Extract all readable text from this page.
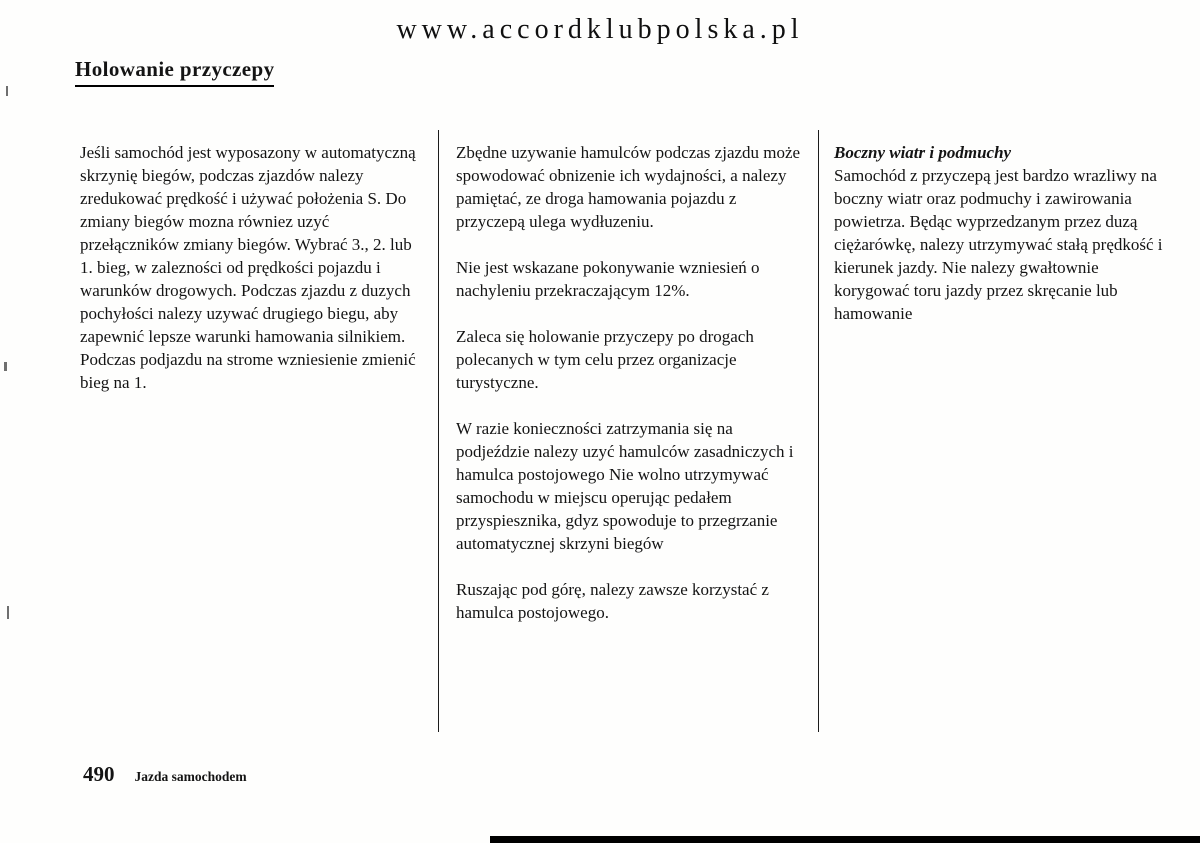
www.accordklubpolska.pl
Holowanie przyczepy

Jeśli samochód jest wyposazony w automatyczną skrzynię biegów, podczas zjazdów nalezy zredukować prędkość i używać położenia S. Do zmiany biegów mozna równiez uzyć przełączników zmiany biegów. Wybrać 3., 2. lub 1. bieg, w zalezności od prędkości pojazdu i warunków drogowych. Podczas zjazdu z duzych pochyłości nalezy uzywać drugiego biegu, aby zapewnić lepsze warunki hamowania silnikiem. Podczas podjazdu na strome wzniesienie zmienić bieg na 1.

Zbędne uzywanie hamulców podczas zjazdu może spowodować obnizenie ich wydajności, a nalezy pamiętać, ze droga hamowania pojazdu z przyczepą ulega wydłuzeniu.

Nie jest wskazane pokonywanie wzniesień o nachyleniu przekraczającym 12%.

Zaleca się holowanie przyczepy po drogach polecanych w tym celu przez organizacje turystyczne.

W razie konieczności zatrzymania się na podjeździe nalezy uzyć hamulców zasadniczych i hamulca postojowego Nie wolno utrzymywać samochodu w miejscu operując pedałem przyspiesznika, gdyz spowoduje to przegrzanie automatycznej skrzyni biegów

Ruszając pod górę, nalezy zawsze korzystać z hamulca postojowego.

Boczny wiatr i podmuchy

Samochód z przyczepą jest bardzo wrazliwy na boczny wiatr oraz podmuchy i zawirowania powietrza. Będąc wyprzedzanym przez duzą ciężarówkę, nalezy utrzymywać stałą prędkość i kierunek jazdy. Nie nalezy gwałtownie korygować toru jazdy przez skręcanie lub hamowanie

490 Jazda samochodem
